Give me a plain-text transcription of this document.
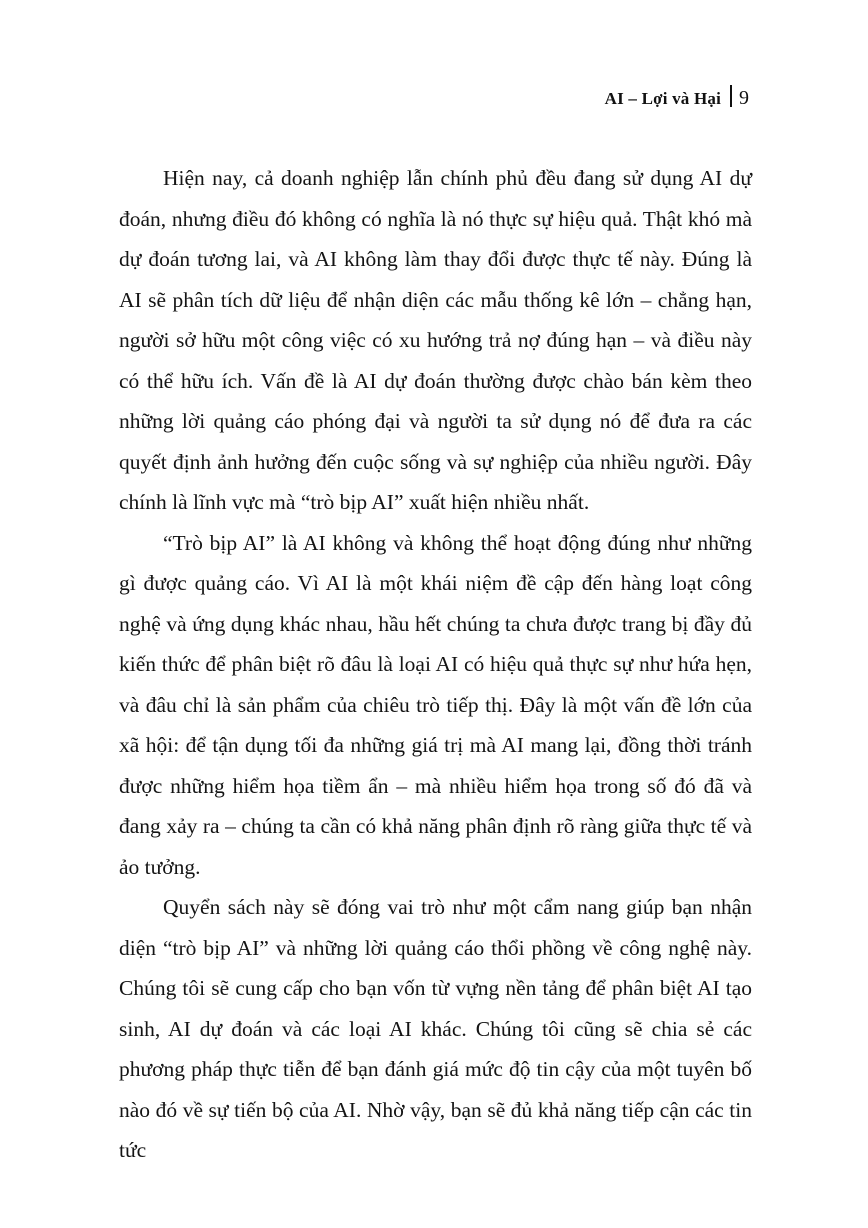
AI – Lợi và Hại 9

Hiện nay, cả doanh nghiệp lẫn chính phủ đều đang sử dụng AI dự đoán, nhưng điều đó không có nghĩa là nó thực sự hiệu quả. Thật khó mà dự đoán tương lai, và AI không làm thay đổi được thực tế này. Đúng là AI sẽ phân tích dữ liệu để nhận diện các mẫu thống kê lớn – chẳng hạn, người sở hữu một công việc có xu hướng trả nợ đúng hạn – và điều này có thể hữu ích. Vấn đề là AI dự đoán thường được chào bán kèm theo những lời quảng cáo phóng đại và người ta sử dụng nó để đưa ra các quyết định ảnh hưởng đến cuộc sống và sự nghiệp của nhiều người. Đây chính là lĩnh vực mà “trò bịp AI” xuất hiện nhiều nhất.

“Trò bịp AI” là AI không và không thể hoạt động đúng như những gì được quảng cáo. Vì AI là một khái niệm đề cập đến hàng loạt công nghệ và ứng dụng khác nhau, hầu hết chúng ta chưa được trang bị đầy đủ kiến thức để phân biệt rõ đâu là loại AI có hiệu quả thực sự như hứa hẹn, và đâu chỉ là sản phẩm của chiêu trò tiếp thị. Đây là một vấn đề lớn của xã hội: để tận dụng tối đa những giá trị mà AI mang lại, đồng thời tránh được những hiểm họa tiềm ẩn – mà nhiều hiểm họa trong số đó đã và đang xảy ra – chúng ta cần có khả năng phân định rõ ràng giữa thực tế và ảo tưởng.

Quyển sách này sẽ đóng vai trò như một cẩm nang giúp bạn nhận diện “trò bịp AI” và những lời quảng cáo thổi phồng về công nghệ này. Chúng tôi sẽ cung cấp cho bạn vốn từ vựng nền tảng để phân biệt AI tạo sinh, AI dự đoán và các loại AI khác. Chúng tôi cũng sẽ chia sẻ các phương pháp thực tiễn để bạn đánh giá mức độ tin cậy của một tuyên bố nào đó về sự tiến bộ của AI. Nhờ vậy, bạn sẽ đủ khả năng tiếp cận các tin tức
